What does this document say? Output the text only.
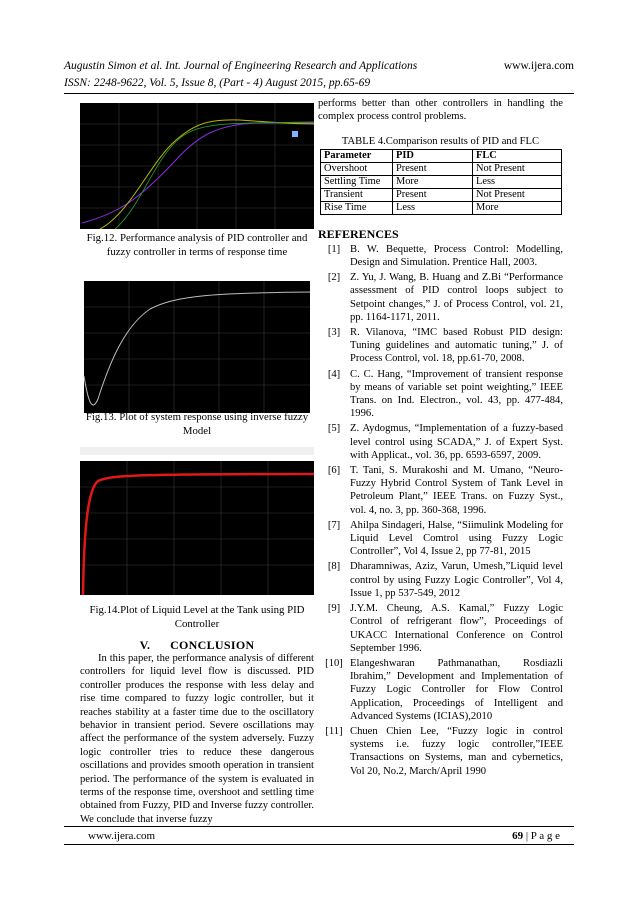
Augustin Simon et al. Int. Journal of Engineering Research and Applications
ISSN: 2248-9622, Vol. 5, Issue 8, (Part - 4) August 2015, pp.65-69
www.ijera.com
Fig.12. Performance analysis of PID controller and fuzzy controller in terms of response time
Fig.13. Plot of system response using inverse fuzzy Model
Fig.14.Plot of Liquid Level at the Tank using PID Controller
V.      CONCLUSION

In this paper, the performance analysis of different controllers for liquid level flow is discussed. PID controller produces the response with less delay and rise time compared to fuzzy logic controller, but it reaches stability at a faster time due to the oscillatory behavior in transient period. Severe oscillations may affect the performance of the system adversely. Fuzzy logic controller tries to reduce these dangerous oscillations and provides smooth operation in transient period. The performance of the system is evaluated in terms of the response time, overshoot and settling time obtained from Fuzzy, PID and Inverse fuzzy controller. We conclude that inverse fuzzy

performs better than other controllers in handling the complex process control problems.

TABLE 4.Comparison results of PID and FLC
Parameter	PID	FLC
Overshoot	Present	Not Present
Settling Time	More	Less
Transient	Present	Not Present
Rise Time	Less	More
REFERENCES
[1] B. W. Bequette, Process Control: Modelling, Design and Simulation. Prentice Hall, 2003.
[2] Z. Yu, J. Wang, B. Huang and Z.Bi “Performance assessment of PID control loops subject to Setpoint changes,” J. of Process Control, vol. 21, pp. 1164-1171, 2011.
[3] R. Vilanova, “IMC based Robust PID design: Tuning guidelines and automatic tuning,” J. of Process Control, vol. 18, pp.61-70, 2008.
[4] C. C. Hang, “Improvement of transient response by means of variable set point weighting,” IEEE Trans. on Ind. Electron., vol. 43, pp. 477-484, 1996.
[5] Z. Aydogmus, “Implementation of a fuzzy-based level control using SCADA,” J. of Expert Syst. with Applicat., vol. 36, pp. 6593-6597, 2009.
[6] T. Tani, S. Murakoshi and M. Umano, “Neuro-Fuzzy Hybrid Control System of Tank Level in Petroleum Plant,” IEEE Trans. on Fuzzy Syst., vol. 4, no. 3, pp. 360-368, 1996.
[7] Ahilpa Sindageri, Halse, “Siimulink Modeling for Liquid Level Comtrol using Fuzzy Logic Controller”, Vol 4, Issue 2, pp 77-81, 2015
[8] Dharamniwas, Aziz, Varun, Umesh,”Liquid level control by using Fuzzy Logic Controller”, Vol 4, Issue 1, pp 537-549, 2012
[9] J.Y.M. Cheung, A.S. Kamal,” Fuzzy Logic Control of refrigerant flow”, Proceedings of UKACC International Conference on Control September 1996.
[10] Elangeshwaran Pathmanathan, Rosdiazli Ibrahim,” Development and Implementation of Fuzzy Logic Controller for Flow Control Application, Proceedings of Intelligent and Advanced Systems (ICIAS),2010
[11] Chuen Chien Lee, “Fuzzy logic in control systems i.e. fuzzy logic controller,”IEEE Transactions on Systems, man and cybernetics, Vol 20, No.2, March/April 1990
www.ijera.com	69 | P a g e
